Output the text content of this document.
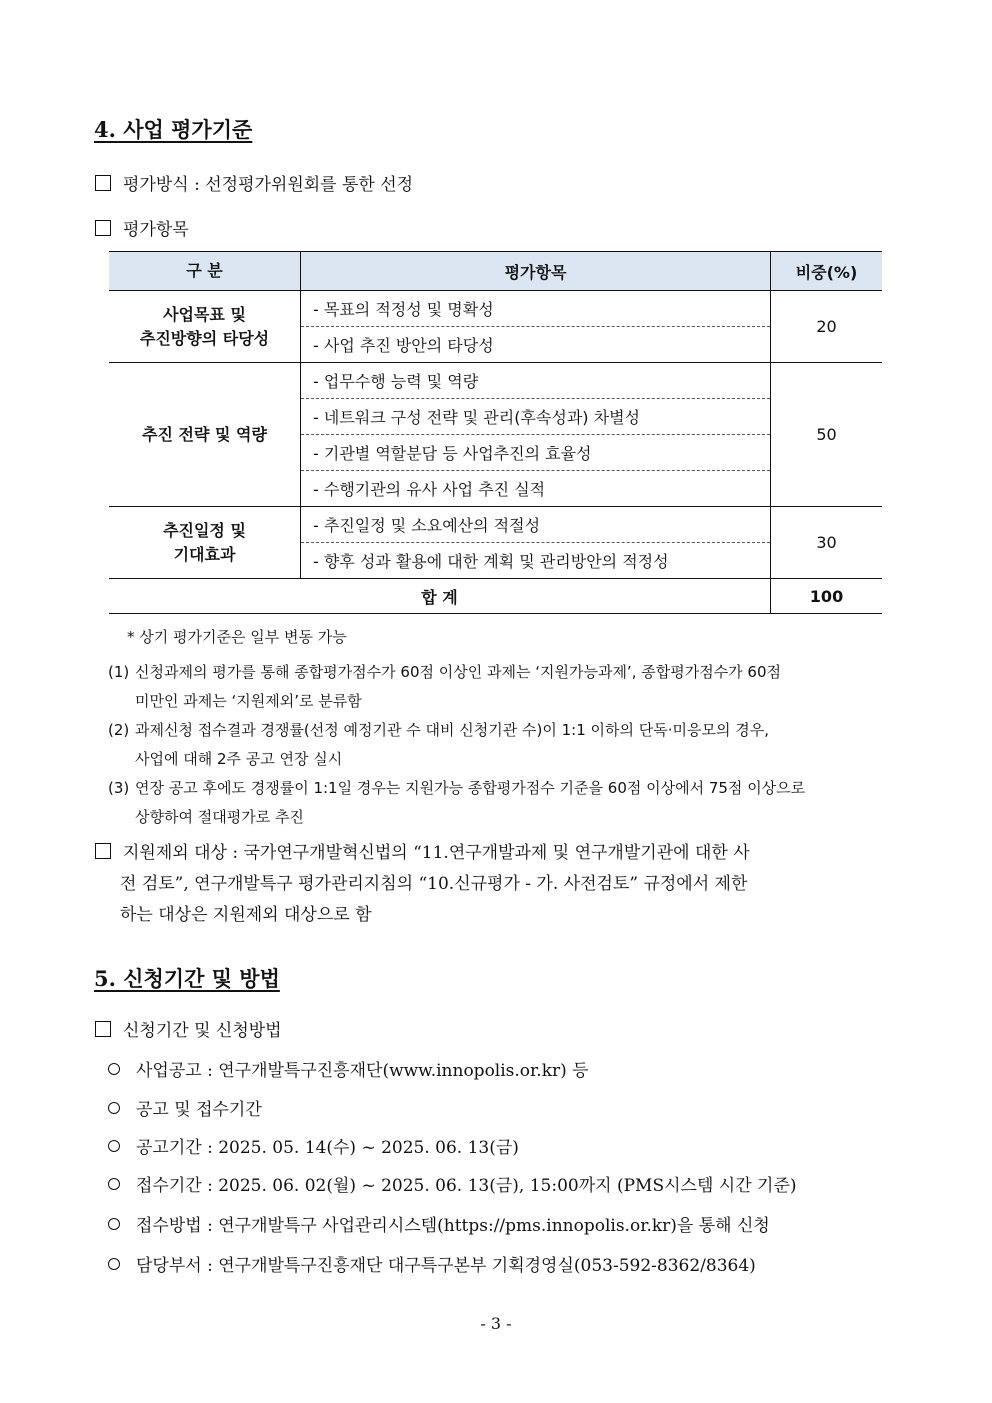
4. 사업 평가기준
평가방식 : 선정평가위원회를 통한 선정
평가항목
구 분	평가항목	비중(%)
사업목표 및
추진방향의 타당성	- 목표의 적정성 및 명확성	20
	- 사업 추진 방안의 타당성	
추진 전략 및 역량	- 업무수행 능력 및 역량	50
	- 네트워크 구성 전략 및 관리(후속성과) 차별성	
	- 기관별 역할분담 등 사업추진의 효율성	
	- 수행기관의 유사 사업 추진 실적	
추진일정 및
기대효과	- 추진일정 및 소요예산의 적절성	30
	- 향후 성과 활용에 대한 계획 및 관리방안의 적정성	
합 계		100
* 상기 평가기준은 일부 변동 가능
(1) 신청과제의 평가를 통해 종합평가점수가 60점 이상인 과제는 ‘지원가능과제’, 종합평가점수가 60점
미만인 과제는 ‘지원제외’로 분류함
(2) 과제신청 접수결과 경쟁률(선정 예정기관 수 대비 신청기관 수)이 1:1 이하의 단독·미응모의 경우,
사업에 대해 2주 공고 연장 실시
(3) 연장 공고 후에도 경쟁률이 1:1일 경우는 지원가능 종합평가점수 기준을 60점 이상에서 75점 이상으로
상향하여 절대평가로 추진
지원제외 대상 : 국가연구개발혁신법의 “11.연구개발과제 및 연구개발기관에 대한 사
전 검토”, 연구개발특구 평가관리지침의 “10.신규평가 - 가. 사전검토” 규정에서 제한
하는 대상은 지원제외 대상으로 함
5. 신청기간 및 방법
신청기간 및 신청방법
사업공고 : 연구개발특구진흥재단(www.innopolis.or.kr) 등
공고 및 접수기간
공고기간 : 2025. 05. 14(수) ~ 2025. 06. 13(금)
접수기간 : 2025. 06. 02(월) ~ 2025. 06. 13(금), 15:00까지 (PMS시스템 시간 기준)
접수방법 : 연구개발특구 사업관리시스템(https://pms.innopolis.or.kr)을 통해 신청
담당부서 : 연구개발특구진흥재단 대구특구본부 기획경영실(053-592-8362/8364)
- 3 -
